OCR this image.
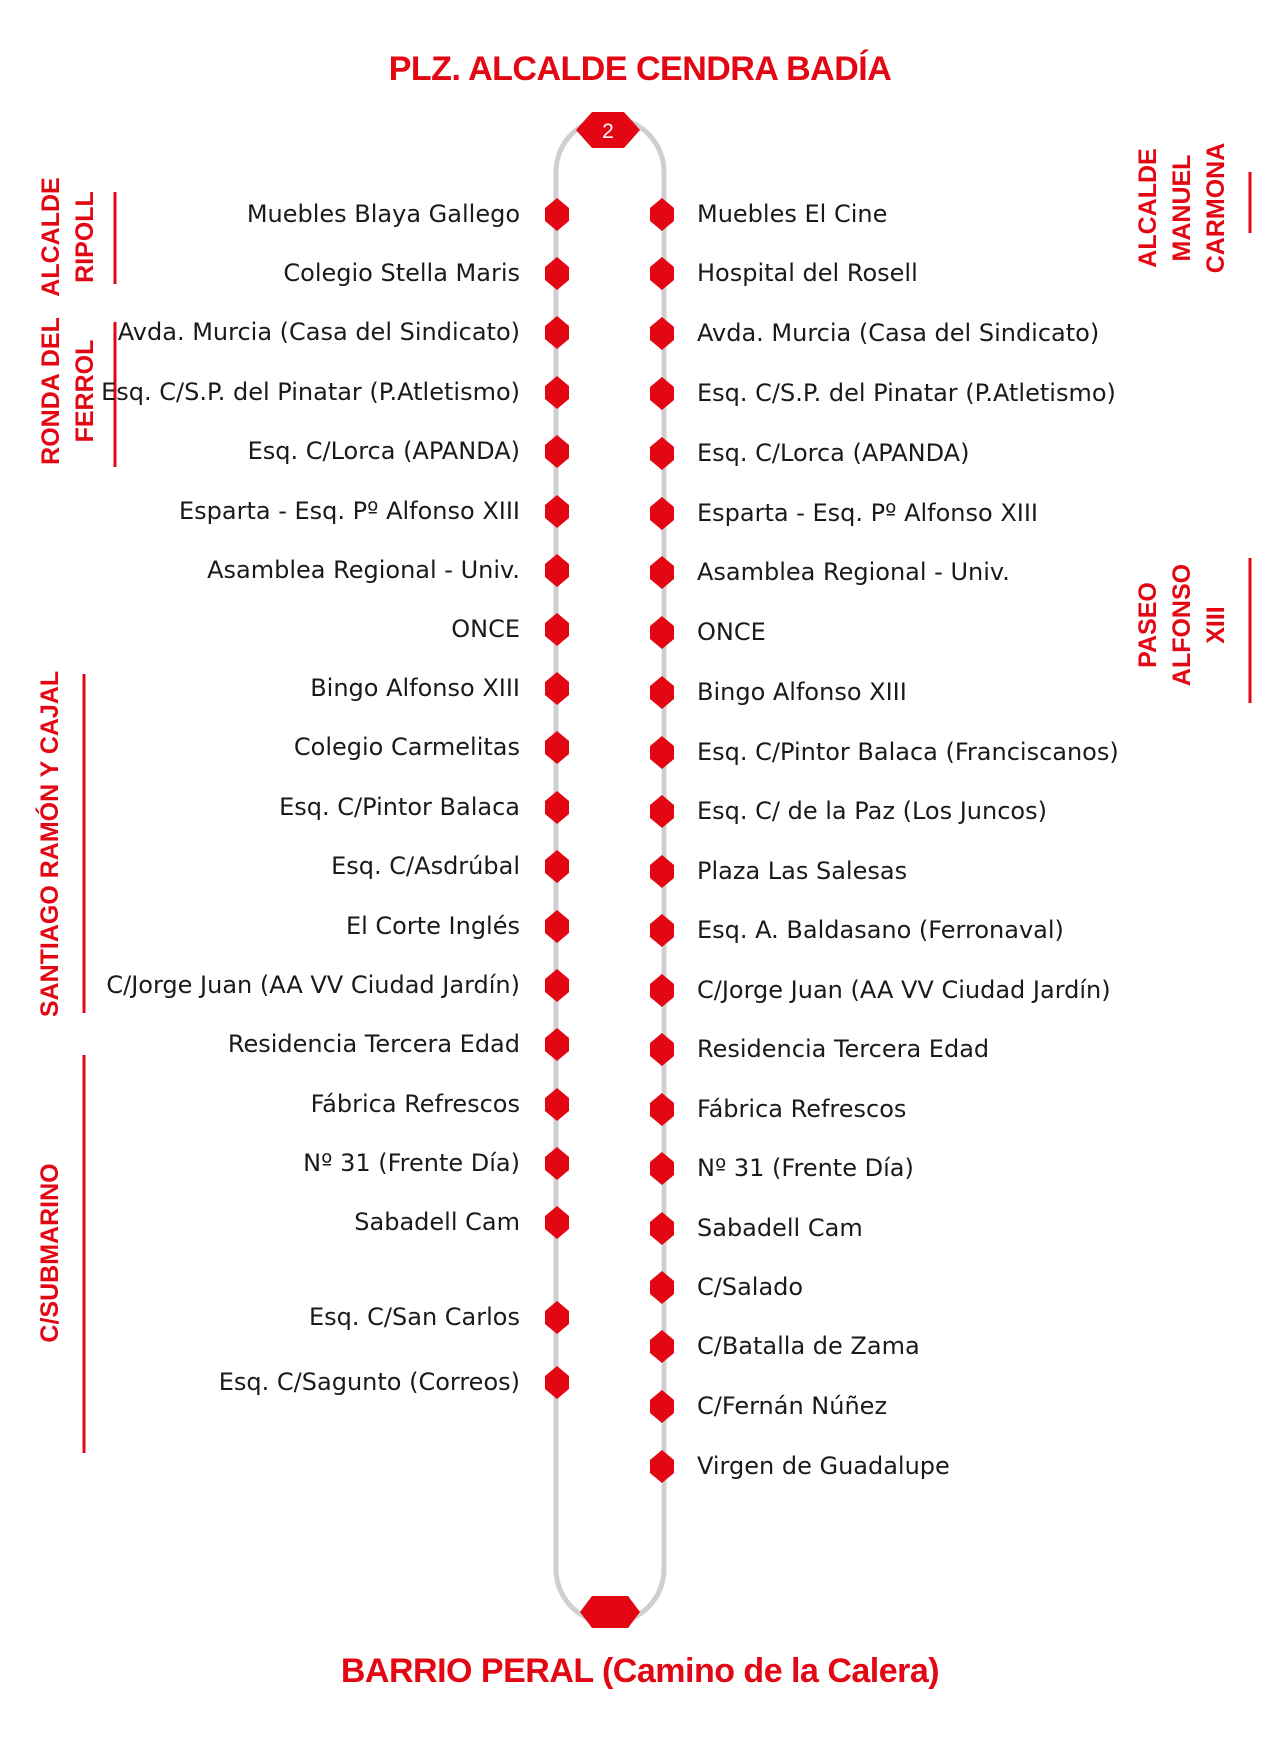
2
PLZ. ALCALDE CENDRA BADÍA
BARRIO PERAL (Camino de la Calera)
Muebles Blaya Gallego
Colegio Stella Maris
Avda. Murcia (Casa del Sindicato)
Esq. C/S.P. del Pinatar (P.Atletismo)
Esq. C/Lorca (APANDA)
Esparta - Esq. Pº Alfonso XIII
Asamblea Regional - Univ.
ONCE
Bingo Alfonso XIII
Colegio Carmelitas
Esq. C/Pintor Balaca
Esq. C/Asdrúbal
El Corte Inglés
C/Jorge Juan (AA VV Ciudad Jardín)
Residencia Tercera Edad
Fábrica Refrescos
Nº 31 (Frente Día)
Sabadell Cam
Esq. C/San Carlos
Esq. C/Sagunto (Correos)
Muebles El Cine
Hospital del Rosell
Avda. Murcia (Casa del Sindicato)
Esq. C/S.P. del Pinatar (P.Atletismo)
Esq. C/Lorca (APANDA)
Esparta - Esq. Pº Alfonso XIII
Asamblea Regional - Univ.
ONCE
Bingo Alfonso XIII
Esq. C/Pintor Balaca (Franciscanos)
Esq. C/ de la Paz (Los Juncos)
Plaza Las Salesas
Esq. A. Baldasano (Ferronaval)
C/Jorge Juan (AA VV Ciudad Jardín)
Residencia Tercera Edad
Fábrica Refrescos
Nº 31 (Frente Día)
Sabadell Cam
C/Salado
C/Batalla de Zama
C/Fernán Núñez
Virgen de Guadalupe
ALCALDE RIPOLL
RONDA DEL FERROL
SANTIAGO RAMÓN Y CAJAL
C/SUBMARINO
ALCALDE MANUEL CARMONA
PASEO ALFONSO XIII
